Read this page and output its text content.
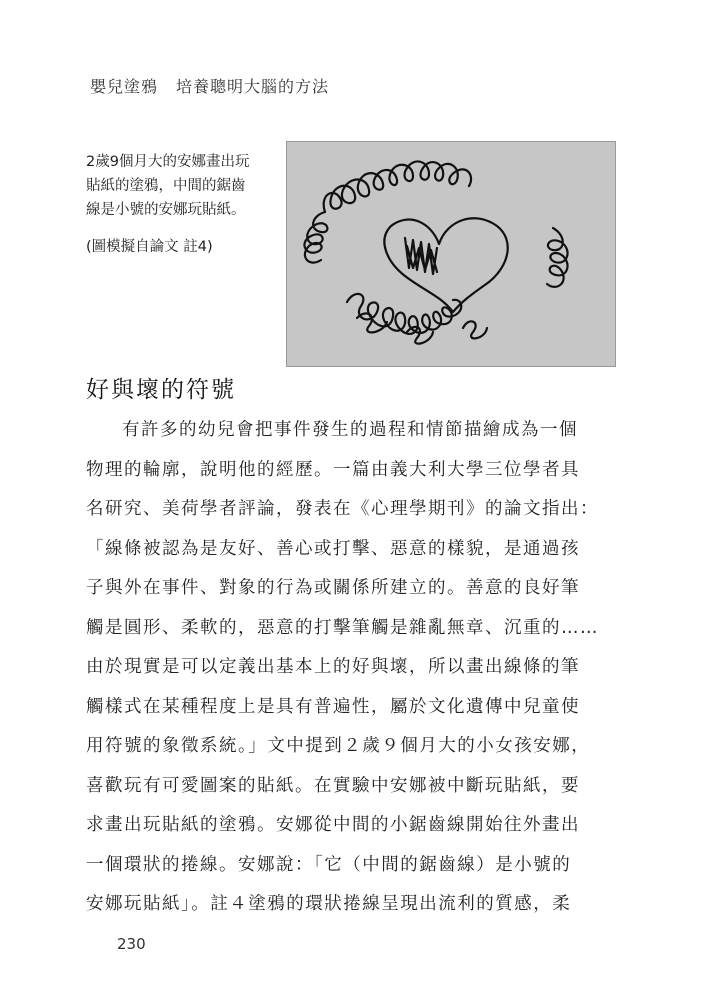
嬰兒塗鴉 培養聰明大腦的方法
2歲9個月大的安娜畫出玩
貼紙的塗鴉，中間的鋸齒
線是小號的安娜玩貼紙。
(圖模擬自論文 註4)
好與壞的符號
有許多的幼兒會把事件發生的過程和情節描繪成為一個
物理的輪廓，說明他的經歷。一篇由義大利大學三位學者具
名研究、美荷學者評論，發表在《心理學期刊》的論文指出：
「線條被認為是友好、善心或打擊、惡意的樣貌，是通過孩
子與外在事件、對象的行為或關係所建立的。善意的良好筆
觸是圓形、柔軟的，惡意的打擊筆觸是雜亂無章、沉重的……
由於現實是可以定義出基本上的好與壞，所以畫出線條的筆
觸樣式在某種程度上是具有普遍性，屬於文化遺傳中兒童使
用符號的象徵系統。」文中提到２歲９個月大的小女孩安娜，
喜歡玩有可愛圖案的貼紙。在實驗中安娜被中斷玩貼紙，要
求畫出玩貼紙的塗鴉。安娜從中間的小鋸齒線開始往外畫出
一個環狀的捲線。安娜說：「它（中間的鋸齒線）是小號的
安娜玩貼紙」。註４塗鴉的環狀捲線呈現出流利的質感，柔
230
